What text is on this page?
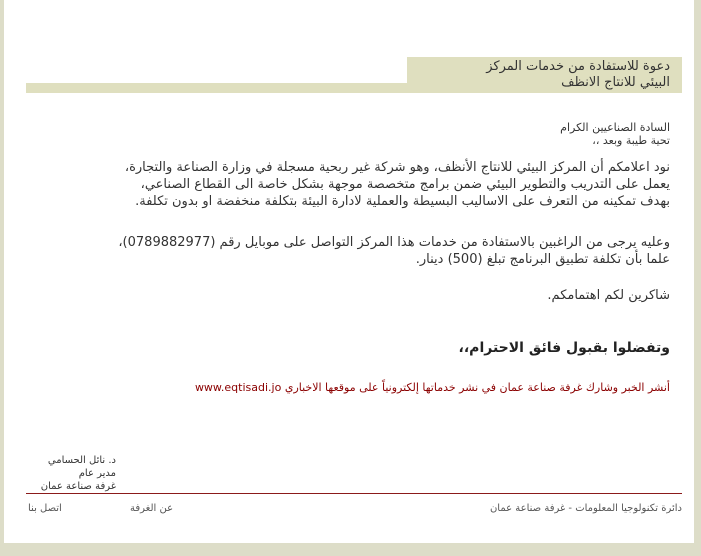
دعوة للاستفادة من خدمات المركز
البيئي للانتاج الانظف
السادة الصناعيين الكرام
تحية طيبة وبعد ،،
نود اعلامكم أن المركز البيئي للانتاج الأنظف، وهو شركة غير ربحية مسجلة في وزارة الصناعة والتجارة،
يعمل على التدريب والتطوير البيئي ضمن برامج متخصصة موجهة بشكل خاصة الى القطاع الصناعي،
بهدف تمكينه من التعرف على الاساليب البسيطة والعملية لادارة البيئة بتكلفة منخفضة او بدون تكلفة.
وعليه يرجى من الراغبين بالاستفادة من خدمات هذا المركز التواصل على موبايل رقم (0789882977)،
علما بأن تكلفة تطبيق البرنامج تبلغ (500) دينار.
شاكرين لكم اهتمامكم.
وتفضلوا بقبول فائق الاحترام،،
أنشر الخبر وشارك غرفة صناعة عمان في نشر خدماتها إلكترونياً على موقعها الاخباري www.eqtisadi.jo
د. نائل الحسامي
مدير عام
غرفة صناعة عمان
دائرة تكنولوجيا المعلومات - غرفة صناعة عمان
عن الغرفة
اتصل بنا
